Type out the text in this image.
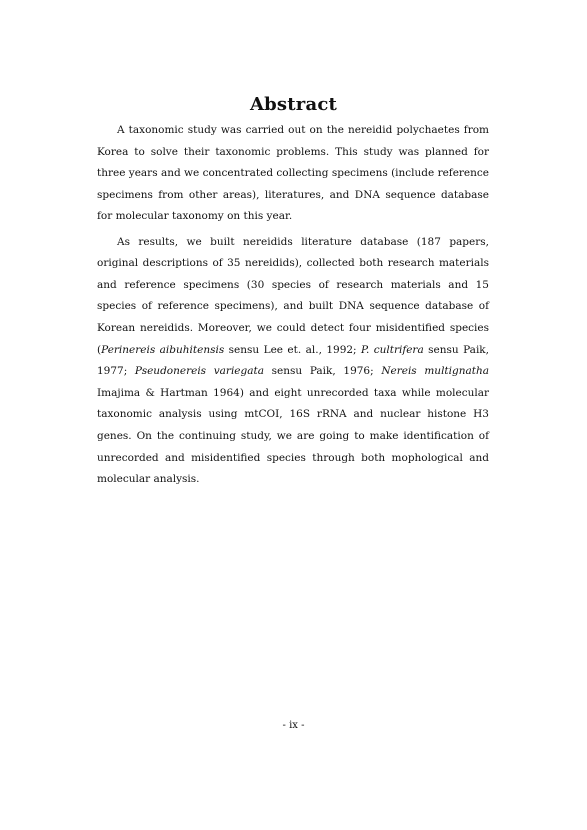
Abstract

A taxonomic study was carried out on the nereidid polychaetes from Korea to solve their taxonomic problems. This study was planned for three years and we concentrated collecting specimens (include reference specimens from other areas), literatures, and DNA sequence database for molecular taxonomy on this year.

As results, we built nereidids literature database (187 papers, original descriptions of 35 nereidids), collected both research materials and reference specimens (30 species of research materials and 15 species of reference specimens), and built DNA sequence database of Korean nereidids. Moreover, we could detect four misidentified species (Perinereis aibuhitensis sensu Lee et. al., 1992; P. cultrifera sensu Paik, 1977; Pseudonereis variegata sensu Paik, 1976; Nereis multignatha Imajima & Hartman 1964) and eight unrecorded taxa while molecular taxonomic analysis using mtCOI, 16S rRNA and nuclear histone H3 genes. On the continuing study, we are going to make identification of unrecorded and misidentified species through both mophological and molecular analysis.

- ix -
